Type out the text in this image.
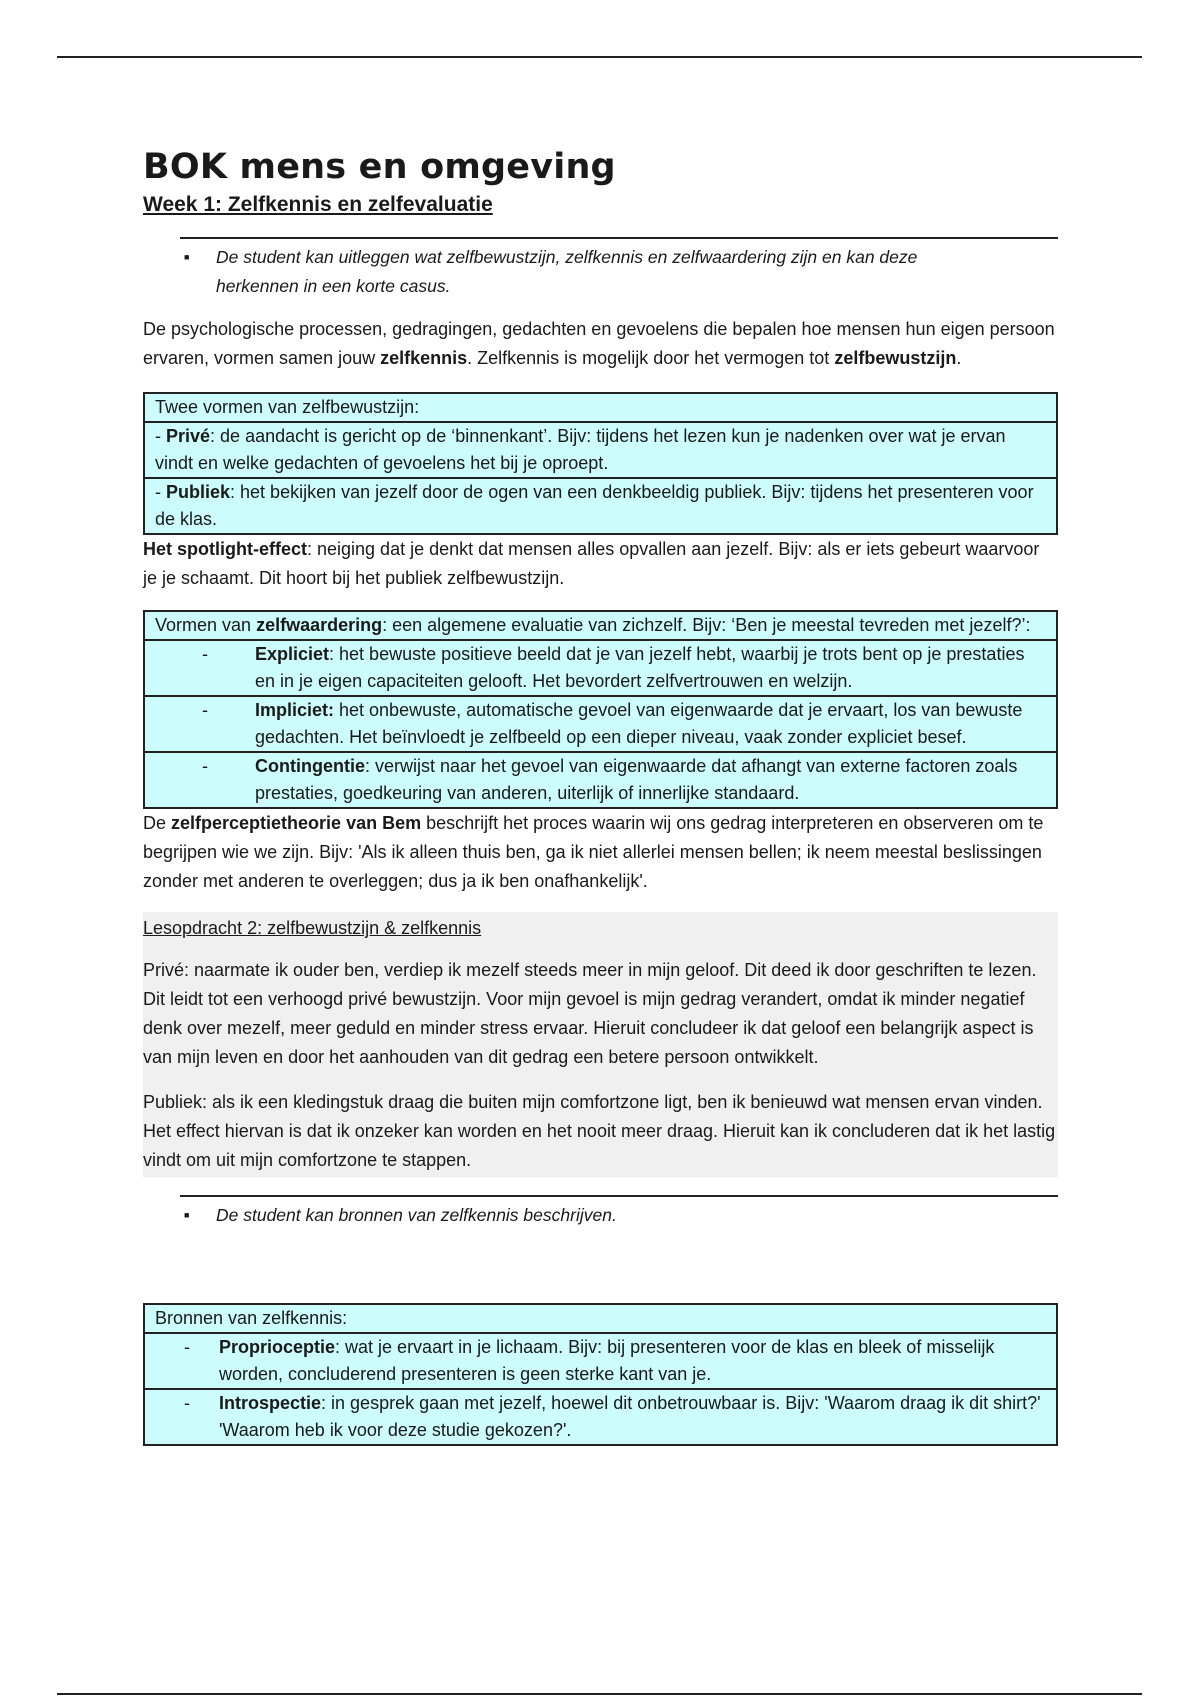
BOK mens en omgeving
Week 1: Zelfkennis en zelfevaluatie
■	De student kan uitleggen wat zelfbewustzijn, zelfkennis en zelfwaardering zijn en kan deze
herkennen in een korte casus.

De psychologische processen, gedragingen, gedachten en gevoelens die bepalen hoe mensen hun eigen persoon ervaren, vormen samen jouw zelfkennis. Zelfkennis is mogelijk door het vermogen tot zelfbewustzijn.

Twee vormen van zelfbewustzijn:
- Privé: de aandacht is gericht op de ‘binnenkant’. Bijv: tijdens het lezen kun je nadenken over wat je ervan vindt en welke gedachten of gevoelens het bij je oproept.
- Publiek: het bekijken van jezelf door de ogen van een denkbeeldig publiek. Bijv: tijdens het presenteren voor de klas.

Het spotlight-effect: neiging dat je denkt dat mensen alles opvallen aan jezelf. Bijv: als er iets gebeurt waarvoor je je schaamt. Dit hoort bij het publiek zelfbewustzijn.

Vormen van zelfwaardering: een algemene evaluatie van zichzelf. Bijv: ‘Ben je meestal tevreden met jezelf?’:

-	Expliciet: het bewuste positieve beeld dat je van jezelf hebt, waarbij je trots bent op je prestaties en in je eigen capaciteiten gelooft. Het bevordert zelfvertrouwen en welzijn.

-	Impliciet: het onbewuste, automatische gevoel van eigenwaarde dat je ervaart, los van bewuste gedachten. Het beïnvloedt je zelfbeeld op een dieper niveau, vaak zonder expliciet besef.

-	Contingentie: verwijst naar het gevoel van eigenwaarde dat afhangt van externe factoren zoals prestaties, goedkeuring van anderen, uiterlijk of innerlijke standaard.

De zelfperceptietheorie van Bem beschrijft het proces waarin wij ons gedrag interpreteren en observeren om te begrijpen wie we zijn. Bijv: 'Als ik alleen thuis ben, ga ik niet allerlei mensen bellen; ik neem meestal beslissingen zonder met anderen te overleggen; dus ja ik ben onafhankelijk'.

Lesopdracht 2: zelfbewustzijn & zelfkennis

Privé: naarmate ik ouder ben, verdiep ik mezelf steeds meer in mijn geloof. Dit deed ik door geschriften te lezen. Dit leidt tot een verhoogd privé bewustzijn. Voor mijn gevoel is mijn gedrag verandert, omdat ik minder negatief denk over mezelf, meer geduld en minder stress ervaar. Hieruit concludeer ik dat geloof een belangrijk aspect is van mijn leven en door het aanhouden van dit gedrag een betere persoon ontwikkelt.

Publiek: als ik een kledingstuk draag die buiten mijn comfortzone ligt, ben ik benieuwd wat mensen ervan vinden. Het effect hiervan is dat ik onzeker kan worden en het nooit meer draag. Hieruit kan ik concluderen dat ik het lastig vindt om uit mijn comfortzone te stappen.

■	De student kan bronnen van zelfkennis beschrijven.
Bronnen van zelfkennis:

-	Proprioceptie: wat je ervaart in je lichaam. Bijv: bij presenteren voor de klas en bleek of misselijk worden, concluderend presenteren is geen sterke kant van je.

-	Introspectie: in gesprek gaan met jezelf, hoewel dit onbetrouwbaar is. Bijv: 'Waarom draag ik dit shirt?' 'Waarom heb ik voor deze studie gekozen?'.
